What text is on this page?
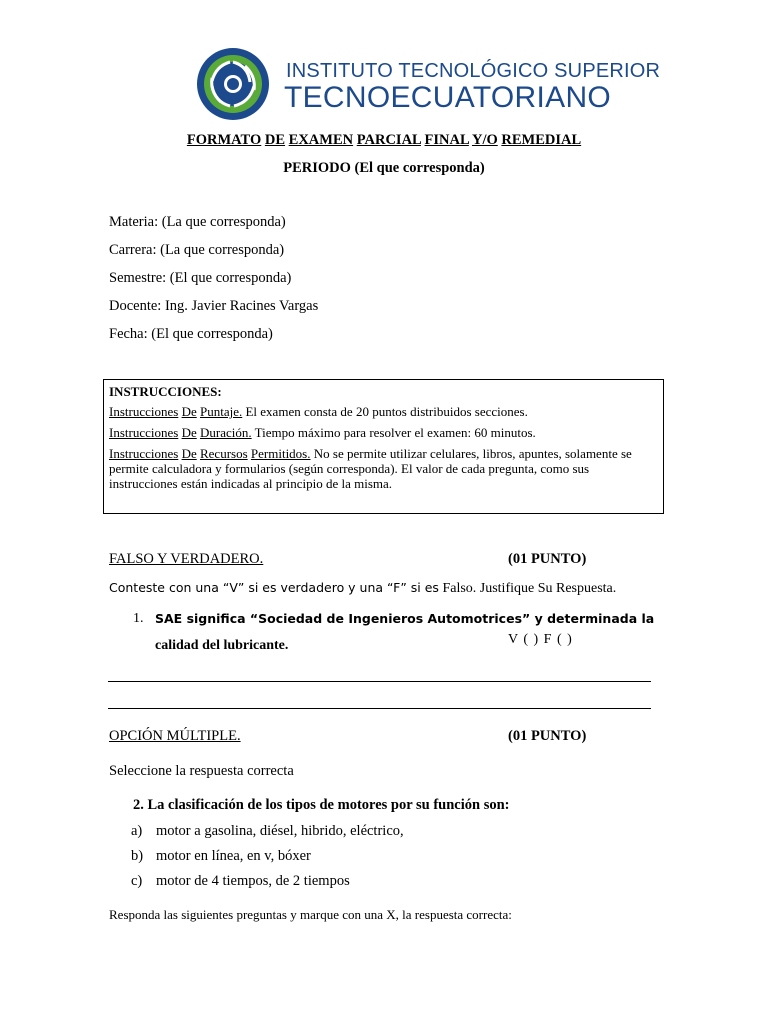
INSTITUTO TECNOLÓGICO SUPERIOR
TECNOECUATORIANO
FORMATO DE EXAMEN PARCIAL FINAL Y/O REMEDIAL
PERIODO (El que corresponda)
Materia: (La que corresponda)
Carrera: (La que corresponda)
Semestre: (El que corresponda)
Docente: Ing. Javier Racines Vargas
Fecha: (El que corresponda)
INSTRUCCIONES:

Instrucciones De Puntaje. El examen consta de 20 puntos distribuidos secciones.

Instrucciones De Duración. Tiempo máximo para resolver el examen: 60 minutos.

Instrucciones De Recursos Permitidos. No se permite utilizar celulares, libros, apuntes, solamente se permite calculadora y formularios (según corresponda). El valor de cada pregunta, como sus instrucciones están indicadas al principio de la misma.

FALSO Y VERDADERO.	(01 PUNTO)
Conteste con una “V” si es verdadero y una “F” si es Falso. Justifique Su Respuesta.
1. SAE significa “Sociedad de Ingenieros Automotrices” y determinada la
calidad del lubricante.	V ( ) F ( )
OPCIÓN MÚLTIPLE.	(01 PUNTO)
Seleccione la respuesta correcta
2. La clasificación de los tipos de motores por su función son:
a) motor a gasolina, diésel, hibrido, eléctrico,
b) motor en línea, en v, bóxer
c) motor de 4 tiempos, de 2 tiempos
Responda las siguientes preguntas y marque con una X, la respuesta correcta:
